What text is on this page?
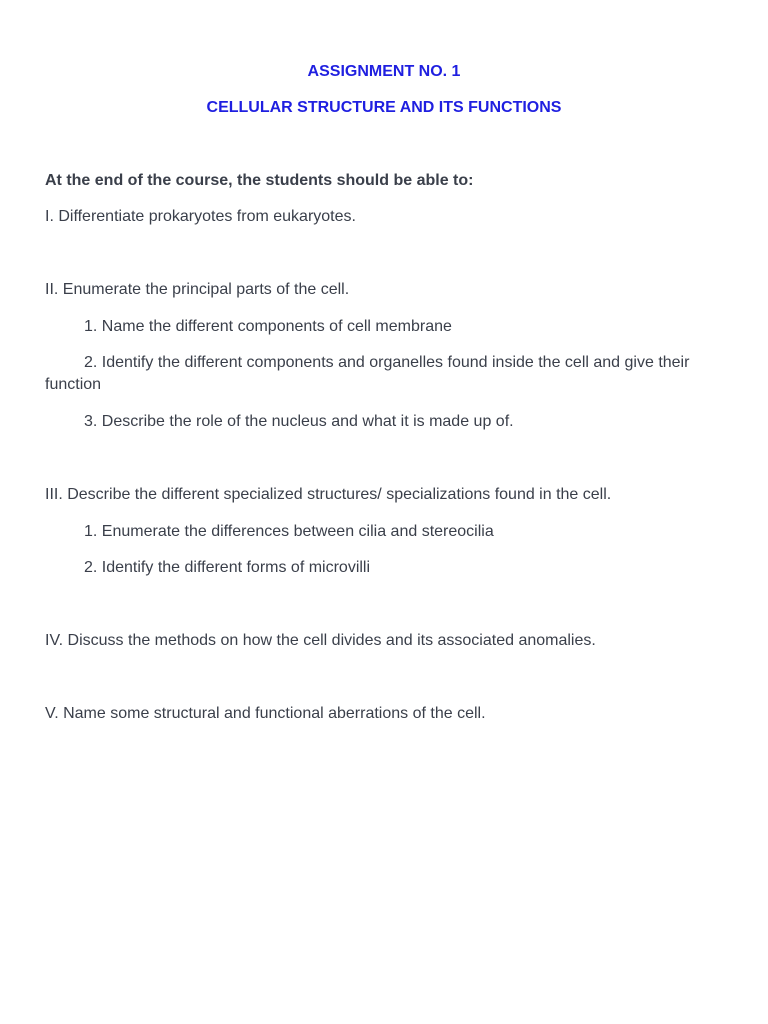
ASSIGNMENT NO. 1
CELLULAR STRUCTURE AND ITS FUNCTIONS
At the end of the course, the students should be able to:
I. Differentiate prokaryotes from eukaryotes.
II. Enumerate the principal parts of the cell.
1. Name the different components of cell membrane
2. Identify the different components and organelles found inside the cell and give their function
3. Describe the role of the nucleus and what it is made up of.
III. Describe the different specialized structures/ specializations found in the cell.
1. Enumerate the differences between cilia and stereocilia
2. Identify the different forms of microvilli
IV. Discuss the methods on how the cell divides and its associated anomalies.
V. Name some structural and functional aberrations of the cell.
